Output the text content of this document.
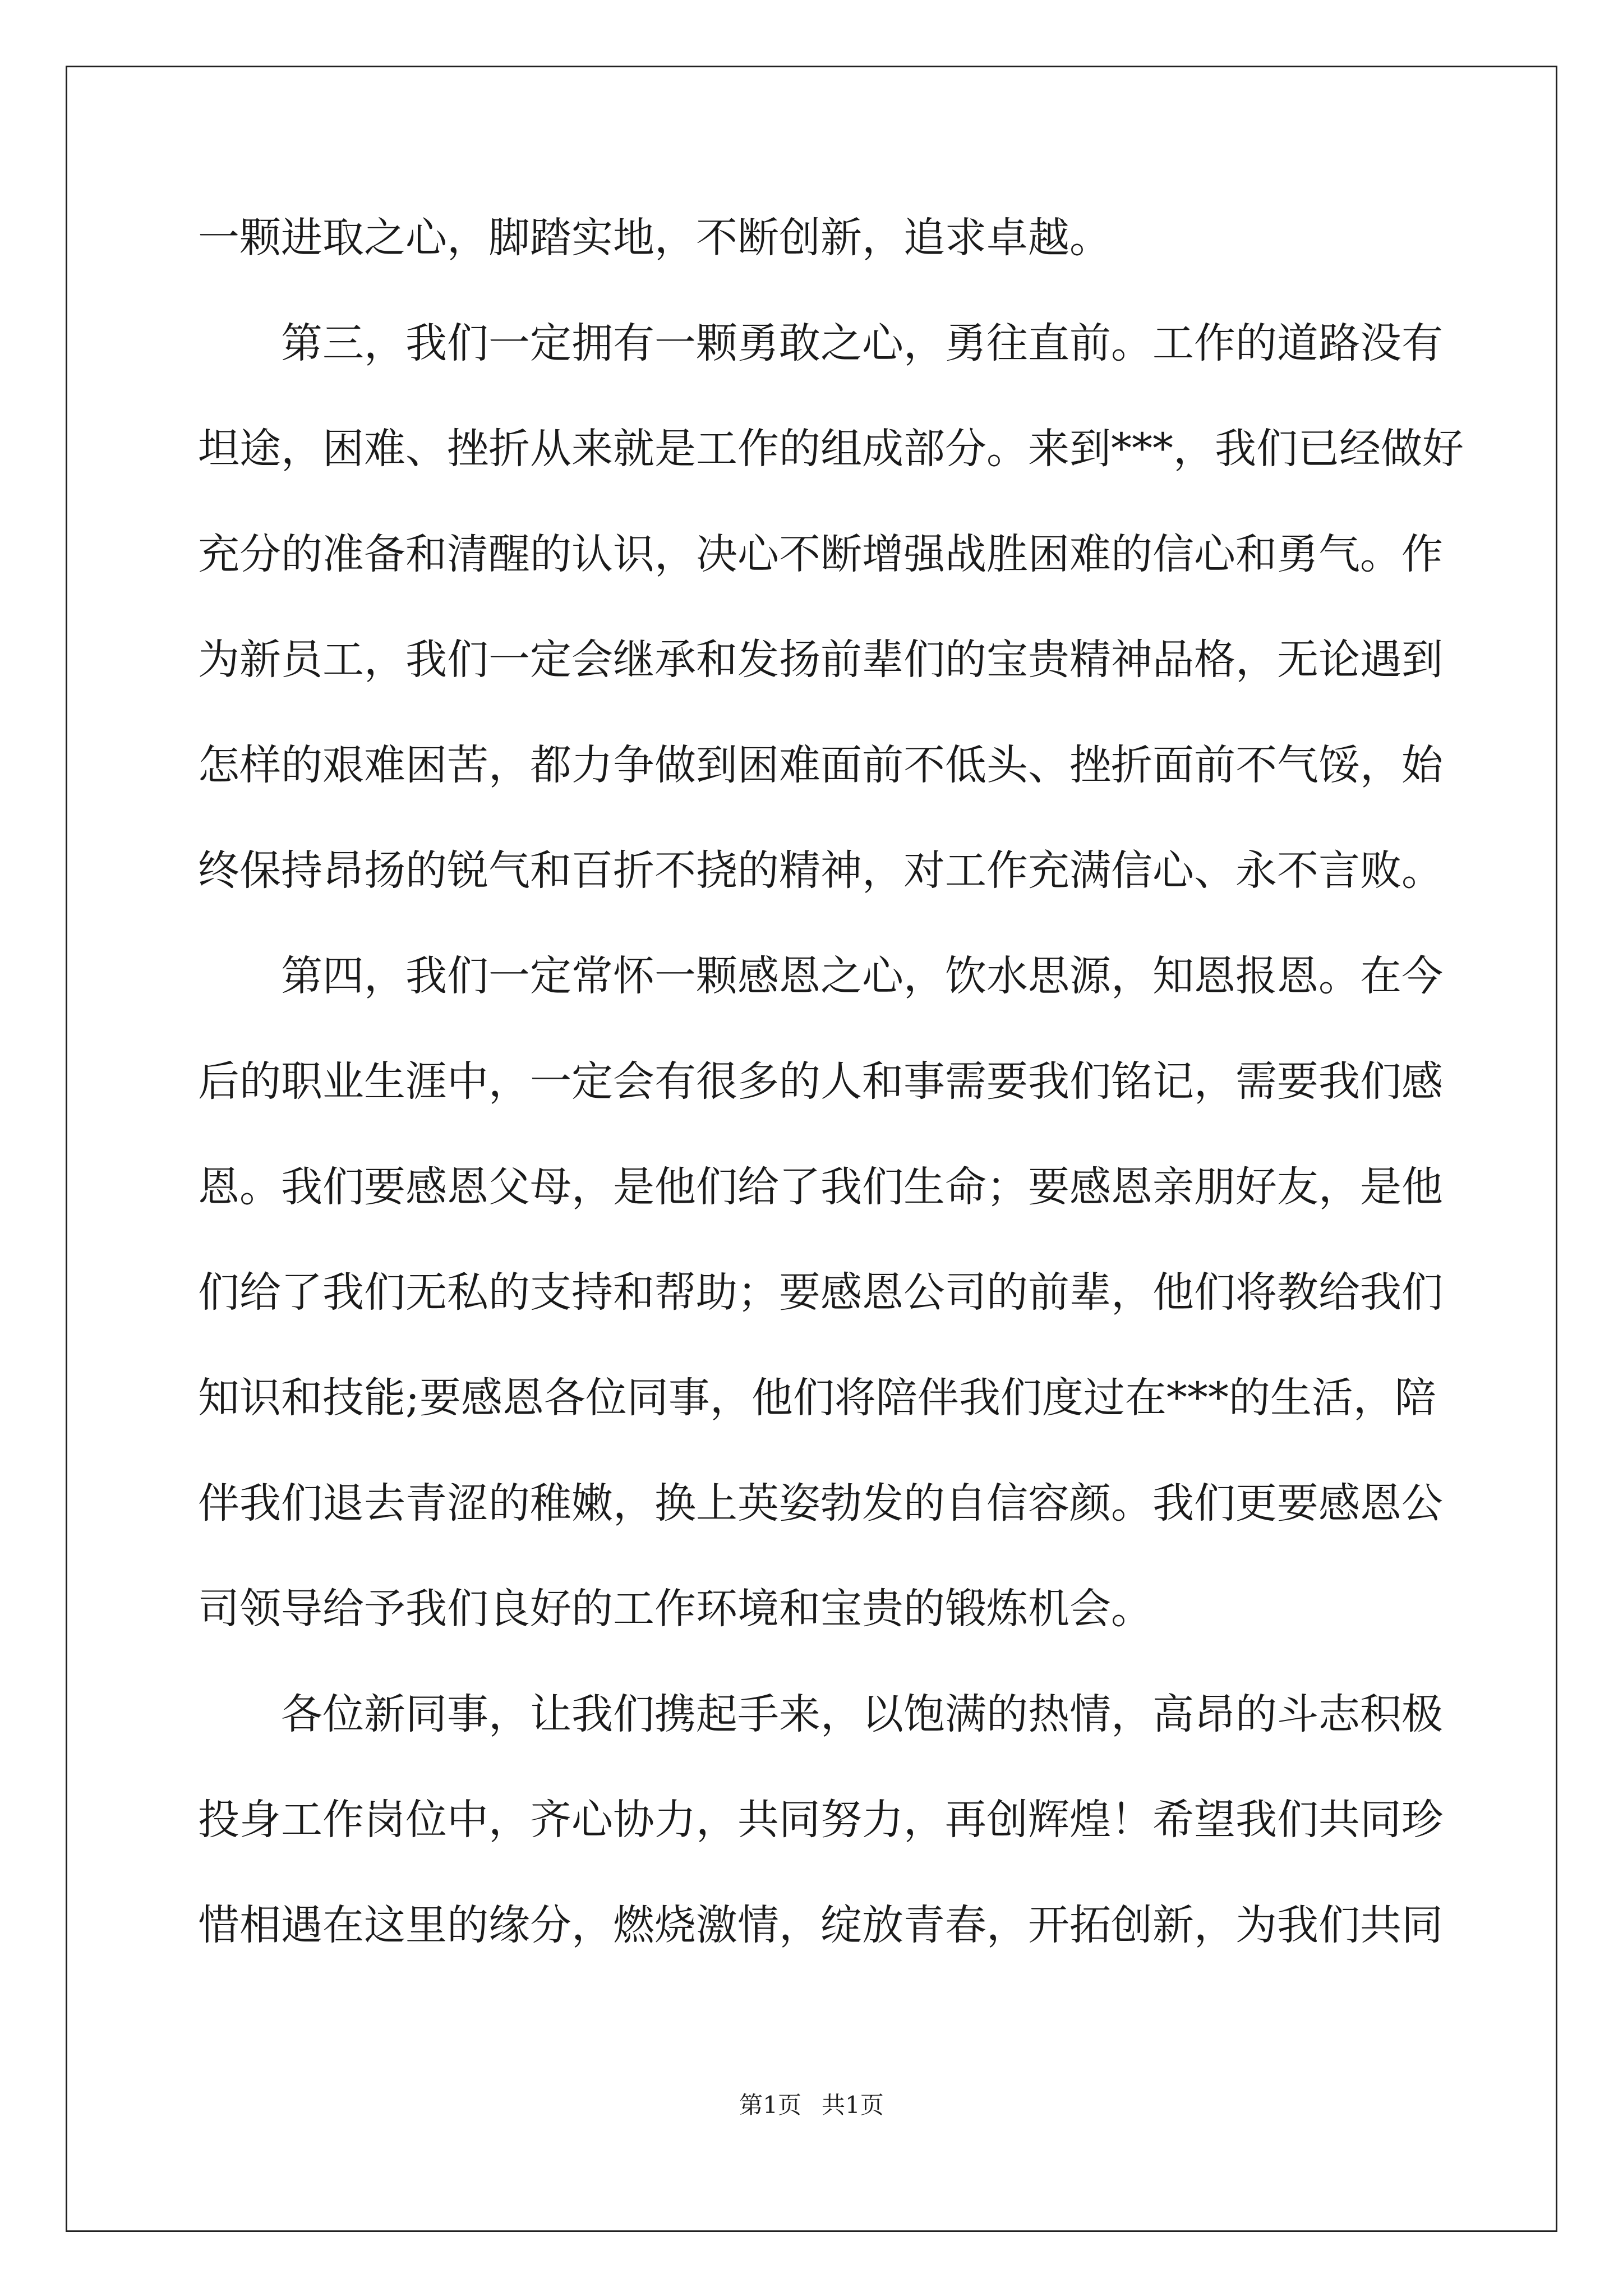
一颗进取之心，脚踏实地，不断创新，追求卓越。
第三，我们一定拥有一颗勇敢之心，勇往直前。工作的道路没有
坦途，困难、挫折从来就是工作的组成部分。来到***，我们已经做好
充分的准备和清醒的认识，决心不断增强战胜困难的信心和勇气。作
为新员工，我们一定会继承和发扬前辈们的宝贵精神品格，无论遇到
怎样的艰难困苦，都力争做到困难面前不低头、挫折面前不气馁，始
终保持昂扬的锐气和百折不挠的精神，对工作充满信心、永不言败。
第四，我们一定常怀一颗感恩之心，饮水思源，知恩报恩。在今
后的职业生涯中，一定会有很多的人和事需要我们铭记，需要我们感
恩。我们要感恩父母，是他们给了我们生命；要感恩亲朋好友，是他
们给了我们无私的支持和帮助；要感恩公司的前辈，他们将教给我们
知识和技能;要感恩各位同事，他们将陪伴我们度过在***的生活，陪
伴我们退去青涩的稚嫩，换上英姿勃发的自信容颜。我们更要感恩公
司领导给予我们良好的工作环境和宝贵的锻炼机会。
各位新同事，让我们携起手来，以饱满的热情，高昂的斗志积极
投身工作岗位中，齐心协力，共同努力，再创辉煌！希望我们共同珍
惜相遇在这里的缘分，燃烧激情，绽放青春，开拓创新，为我们共同
第1页 共1页
